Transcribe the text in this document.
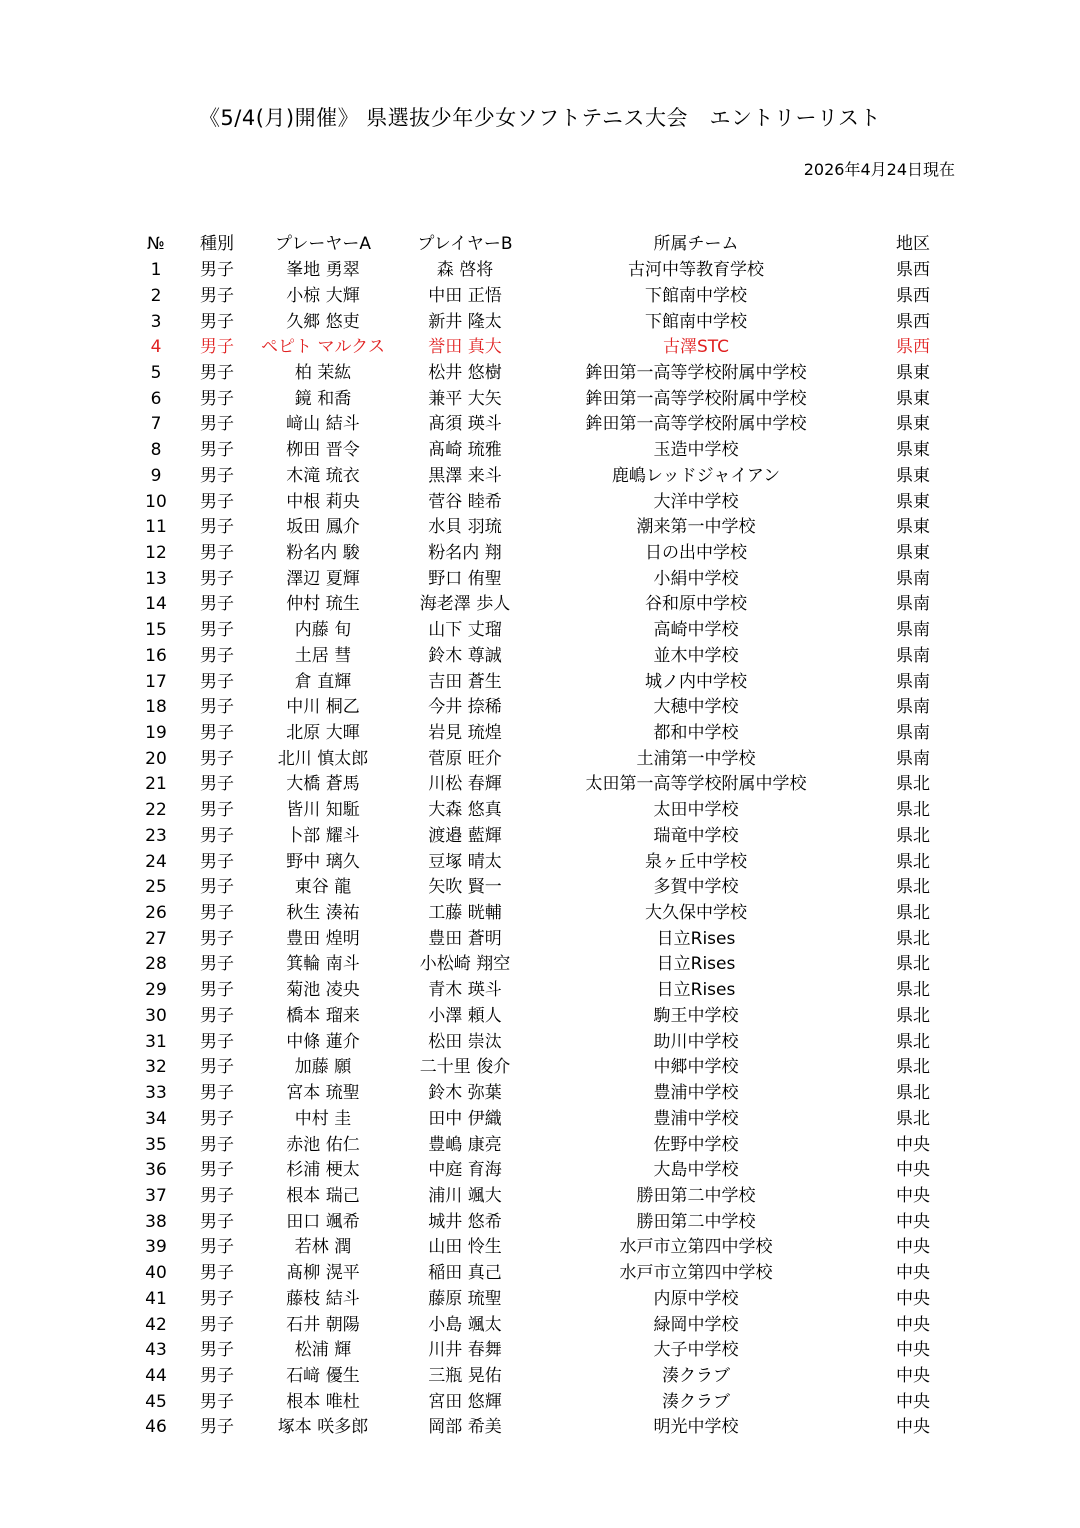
《5/4(月)開催》 県選抜少年少女ソフトテニス大会　エントリーリスト
2026年4月24日現在
№	種別	プレーヤーA	プレイヤーB	所属チーム	地区
1	男子	峯地 勇翠	森 啓将	古河中等教育学校	県西
2	男子	小椋 大輝	中田 正悟	下館南中学校	県西
3	男子	久郷 悠吏	新井 隆太	下館南中学校	県西
4	男子	ペピト マルクス	誉田 真大	古澤STC	県西
5	男子	柏 茉紘	松井 悠樹	鉾田第一高等学校附属中学校	県東
6	男子	鏡 和喬	兼平 大矢	鉾田第一高等学校附属中学校	県東
7	男子	﨑山 結斗	髙須 瑛斗	鉾田第一高等学校附属中学校	県東
8	男子	栁田 晋令	髙崎 琉雅	玉造中学校	県東
9	男子	木滝 琉衣	黒澤 来斗	鹿嶋レッドジャイアン	県東
10	男子	中根 莉央	菅谷 睦希	大洋中学校	県東
11	男子	坂田 鳳介	水貝 羽琉	潮来第一中学校	県東
12	男子	粉名内 駿	粉名内 翔	日の出中学校	県東
13	男子	澤辺 夏輝	野口 侑聖	小絹中学校	県南
14	男子	仲村 琉生	海老澤 歩人	谷和原中学校	県南
15	男子	内藤 旬	山下 丈瑠	高崎中学校	県南
16	男子	土居 彗	鈴木 尊誠	並木中学校	県南
17	男子	倉 直輝	吉田 蒼生	城ノ内中学校	県南
18	男子	中川 桐乙	今井 捺稀	大穂中学校	県南
19	男子	北原 大暉	岩見 琉煌	都和中学校	県南
20	男子	北川 慎太郎	菅原 旺介	土浦第一中学校	県南
21	男子	大橋 蒼馬	川松 春輝	太田第一高等学校附属中学校	県北
22	男子	皆川 知駈	大森 悠真	太田中学校	県北
23	男子	卜部 耀斗	渡邉 藍輝	瑞竜中学校	県北
24	男子	野中 璃久	豆塚 晴太	泉ヶ丘中学校	県北
25	男子	東谷 龍	矢吹 賢一	多賀中学校	県北
26	男子	秋生 湊祐	工藤 晄輔	大久保中学校	県北
27	男子	豊田 煌明	豊田 蒼明	日立Rises	県北
28	男子	箕輪 南斗	小松崎 翔空	日立Rises	県北
29	男子	菊池 凌央	青木 瑛斗	日立Rises	県北
30	男子	橋本 瑠来	小澤 頼人	駒王中学校	県北
31	男子	中條 蓮介	松田 崇汰	助川中学校	県北
32	男子	加藤 願	二十里 俊介	中郷中学校	県北
33	男子	宮本 琉聖	鈴木 弥葉	豊浦中学校	県北
34	男子	中村 圭	田中 伊織	豊浦中学校	県北
35	男子	赤池 佑仁	豊嶋 康亮	佐野中学校	中央
36	男子	杉浦 梗太	中庭 育海	大島中学校	中央
37	男子	根本 瑞己	浦川 颯大	勝田第二中学校	中央
38	男子	田口 颯希	城井 悠希	勝田第二中学校	中央
39	男子	若林 潤	山田 怜生	水戸市立第四中学校	中央
40	男子	髙柳 滉平	稲田 真己	水戸市立第四中学校	中央
41	男子	藤枝 結斗	藤原 琉聖	内原中学校	中央
42	男子	石井 朝陽	小島 颯太	緑岡中学校	中央
43	男子	松浦 輝	川井 春舞	大子中学校	中央
44	男子	石﨑 優生	三瓶 晃佑	湊クラブ	中央
45	男子	根本 唯杜	宮田 悠輝	湊クラブ	中央
46	男子	塚本 咲多郎	岡部 希美	明光中学校	中央
